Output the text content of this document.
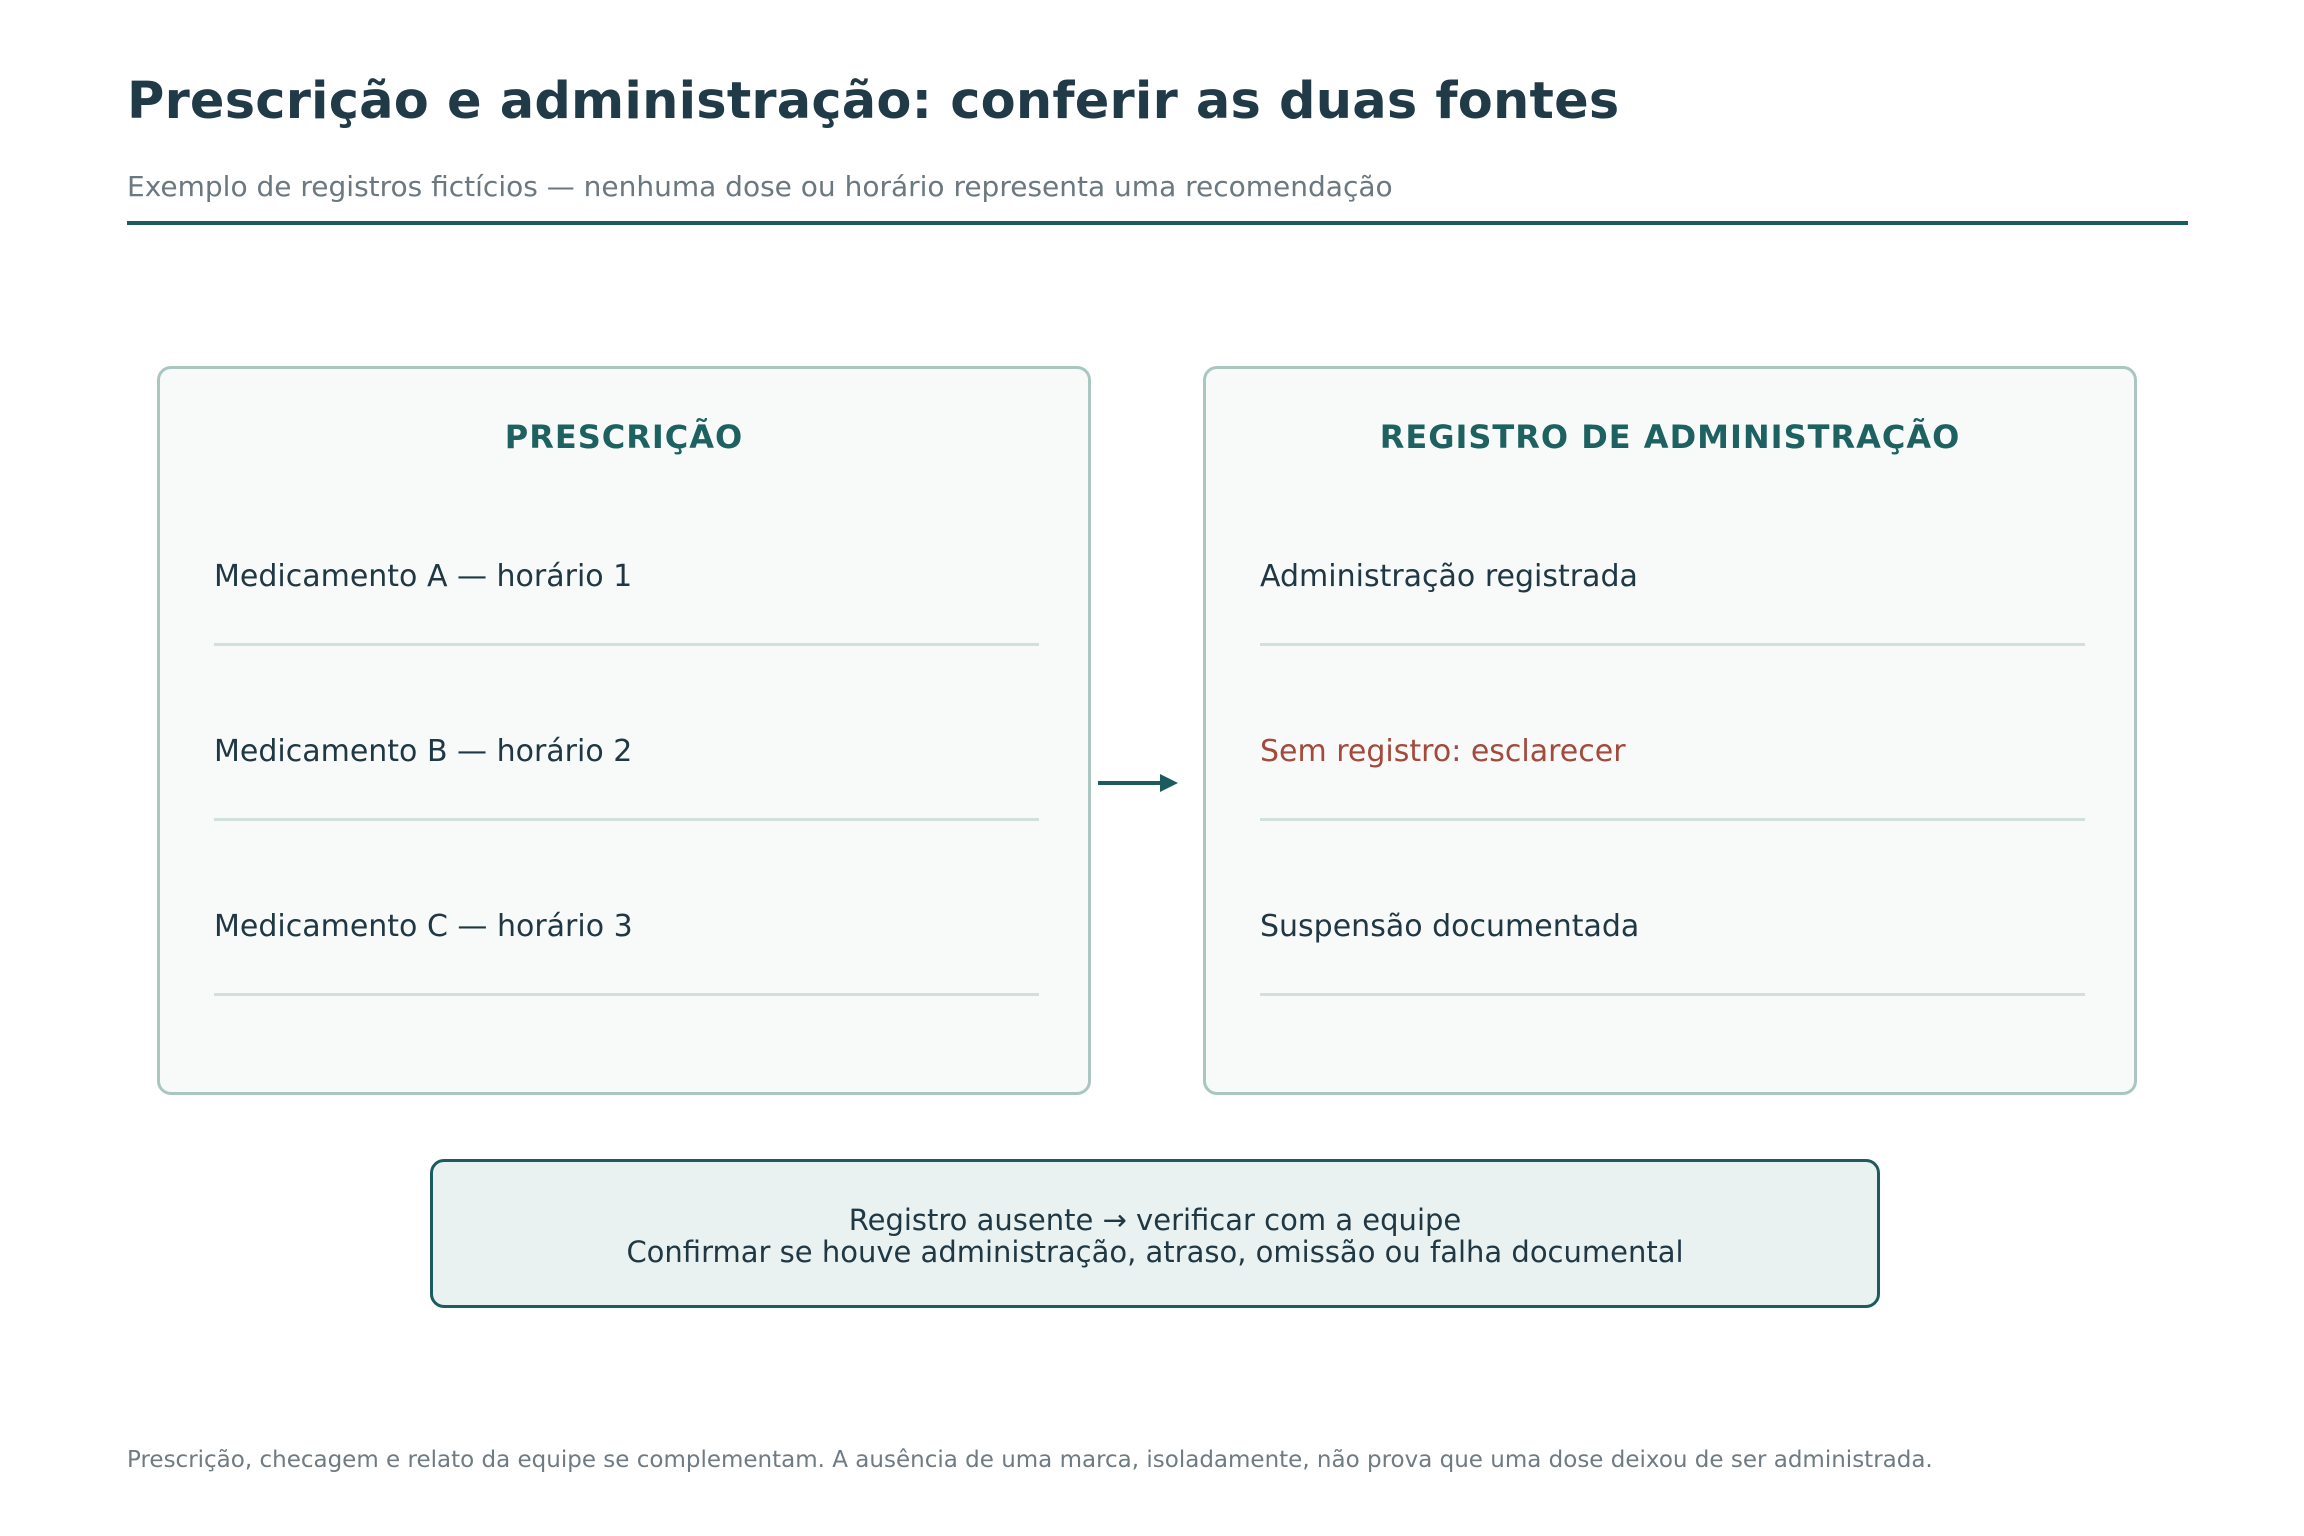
Prescrição e administração: conferir as duas fontes
Exemplo de registros fictícios — nenhuma dose ou horário representa uma recomendação
PRESCRIÇÃO
Medicamento A — horário 1
Medicamento B — horário 2
Medicamento C — horário 3
REGISTRO DE ADMINISTRAÇÃO
Administração registrada
Sem registro: esclarecer
Suspensão documentada
Registro ausente → verificar com a equipe
Confirmar se houve administração, atraso, omissão ou falha documental
Prescrição, checagem e relato da equipe se complementam. A ausência de uma marca, isoladamente, não prova que uma dose deixou de ser administrada.
